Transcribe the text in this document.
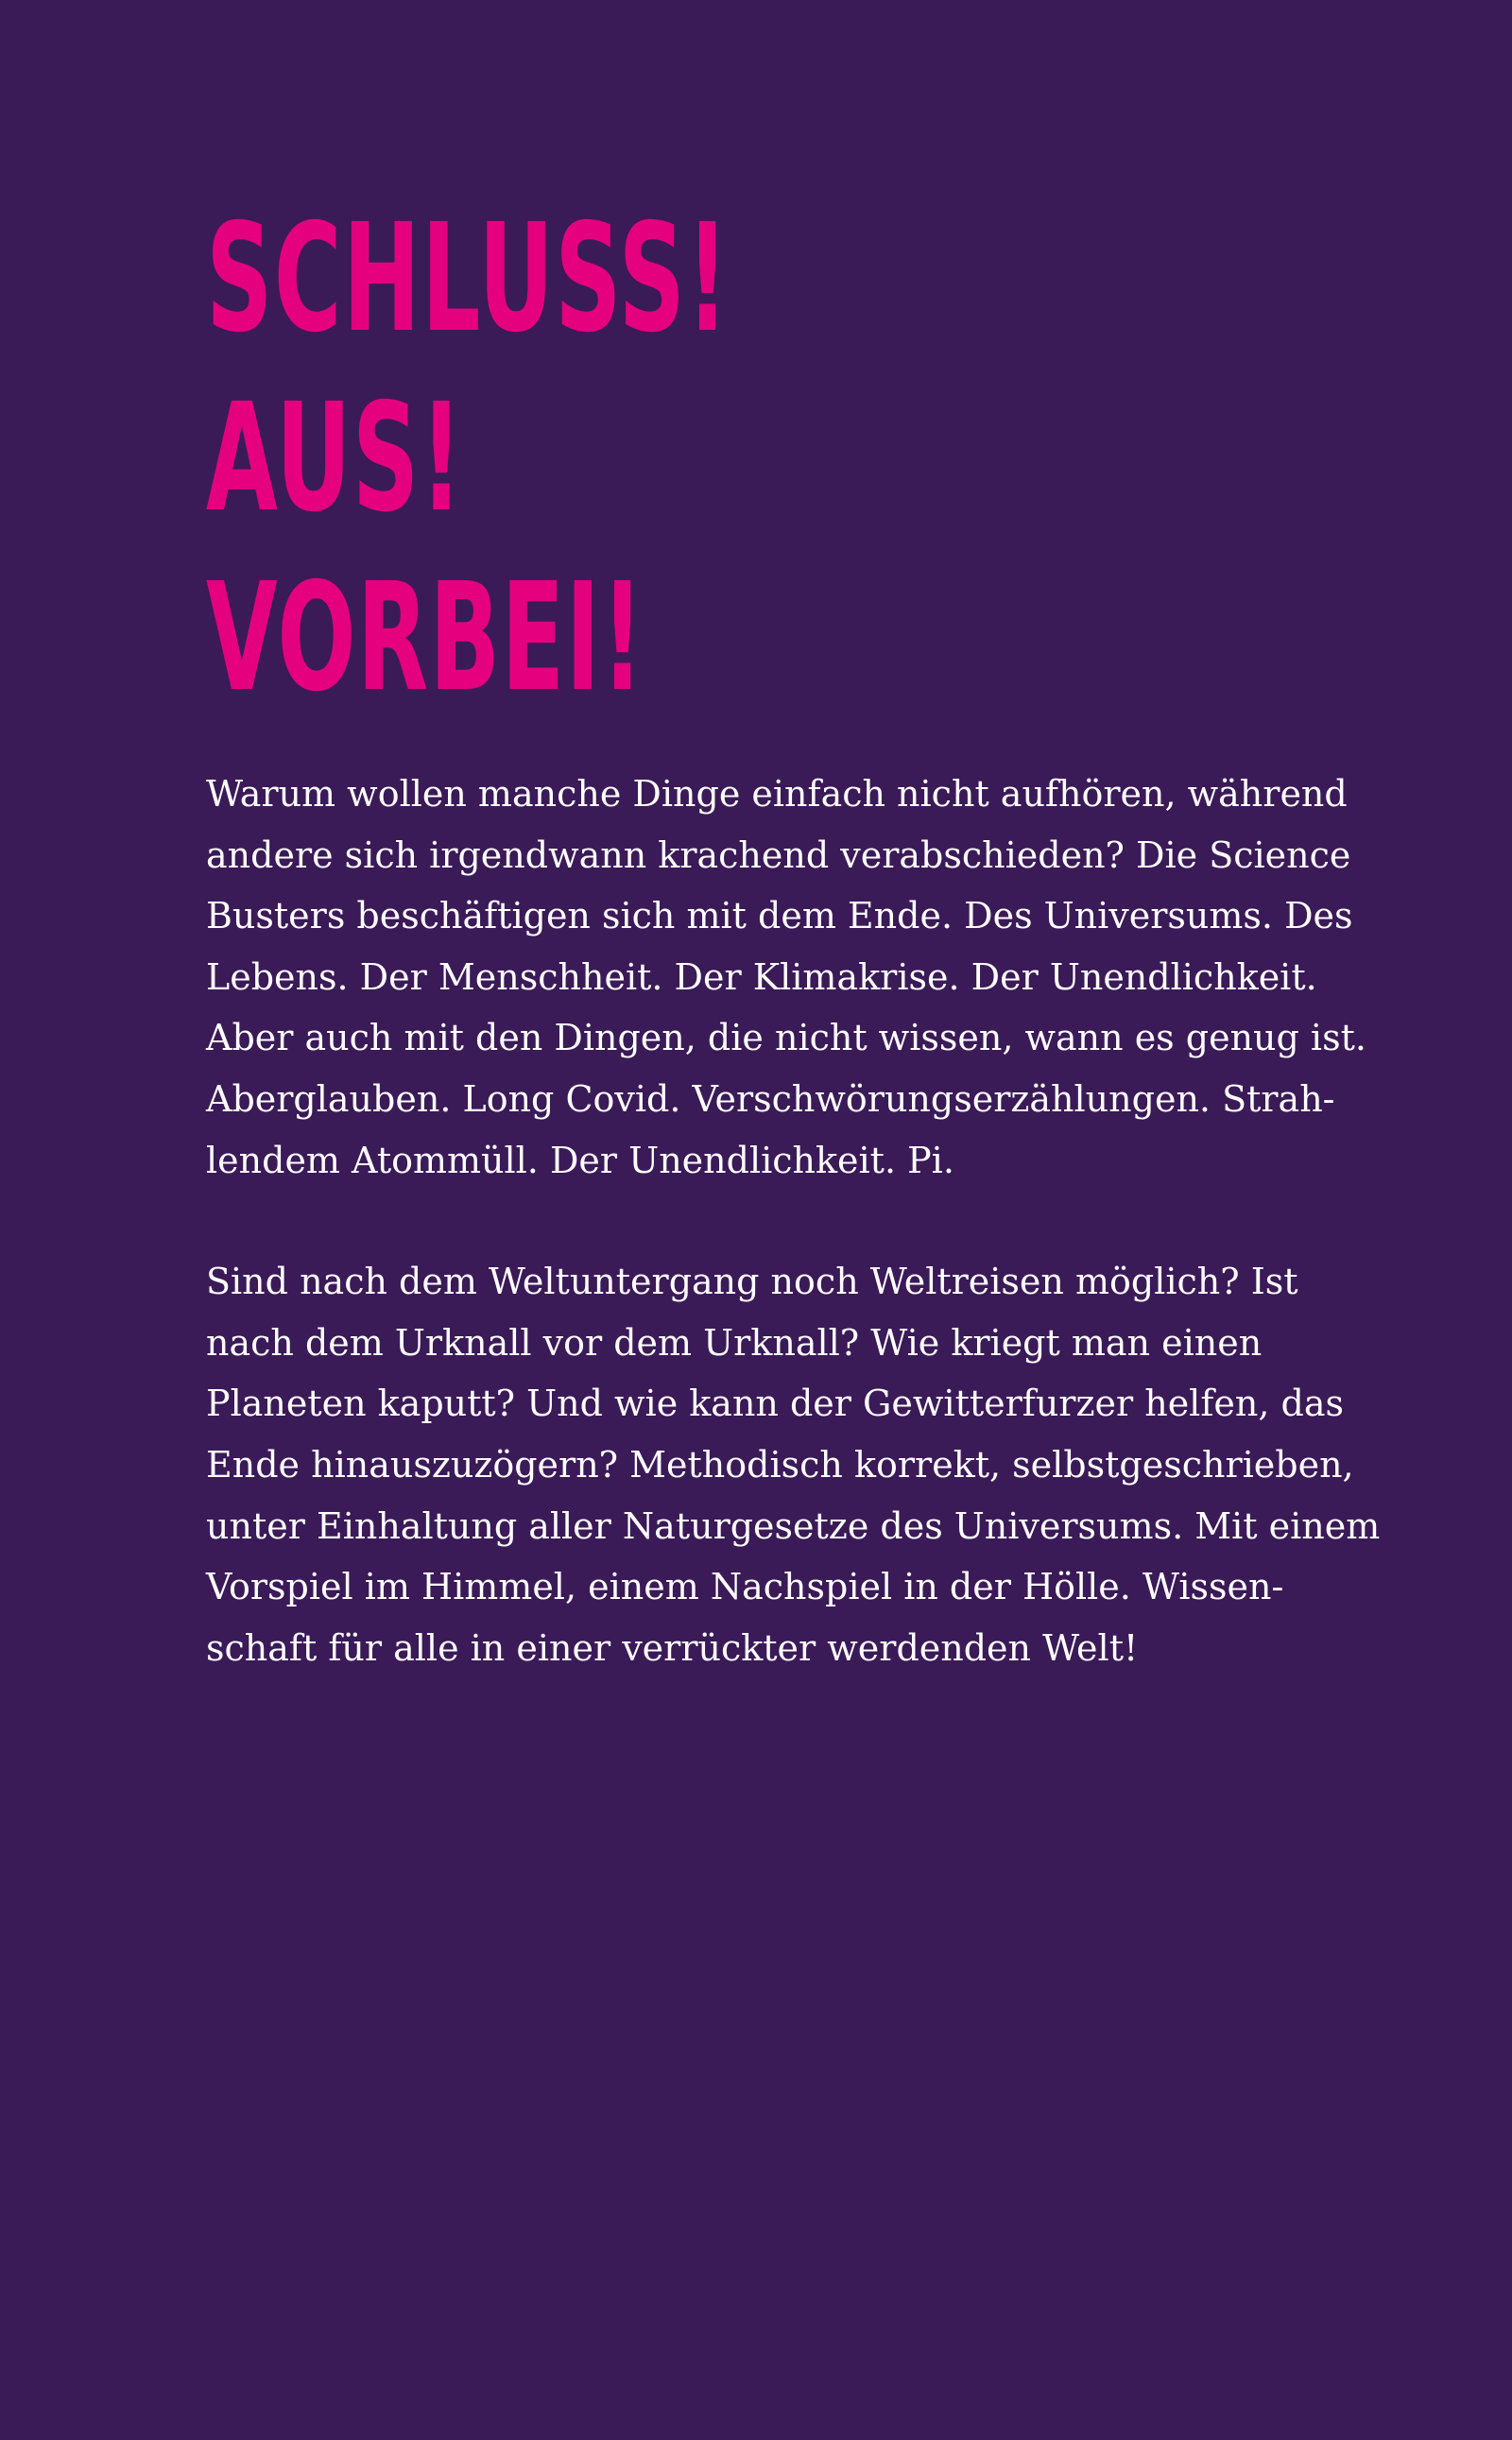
SCHLUSS!
AUS!
VORBEI!

Warum wollen manche Dinge einfach nicht aufhören, während
andere sich irgendwann krachend verabschieden? Die Science
Busters beschäftigen sich mit dem Ende. Des Universums. Des
Lebens. Der Menschheit. Der Klimakrise. Der Unendlichkeit.
Aber auch mit den Dingen, die nicht wissen, wann es genug ist.
Aberglauben. Long Covid. Verschwörungserzählungen. Strah-
lendem Atommüll. Der Unendlichkeit. Pi.

Sind nach dem Weltuntergang noch Weltreisen möglich? Ist
nach dem Urknall vor dem Urknall? Wie kriegt man einen
Planeten kaputt? Und wie kann der Gewitterfurzer helfen, das
Ende hinauszuzögern? Methodisch korrekt, selbstgeschrieben,
unter Einhaltung aller Naturgesetze des Universums. Mit einem
Vorspiel im Himmel, einem Nachspiel in der Hölle. Wissen-
schaft für alle in einer verrückter werdenden Welt!
